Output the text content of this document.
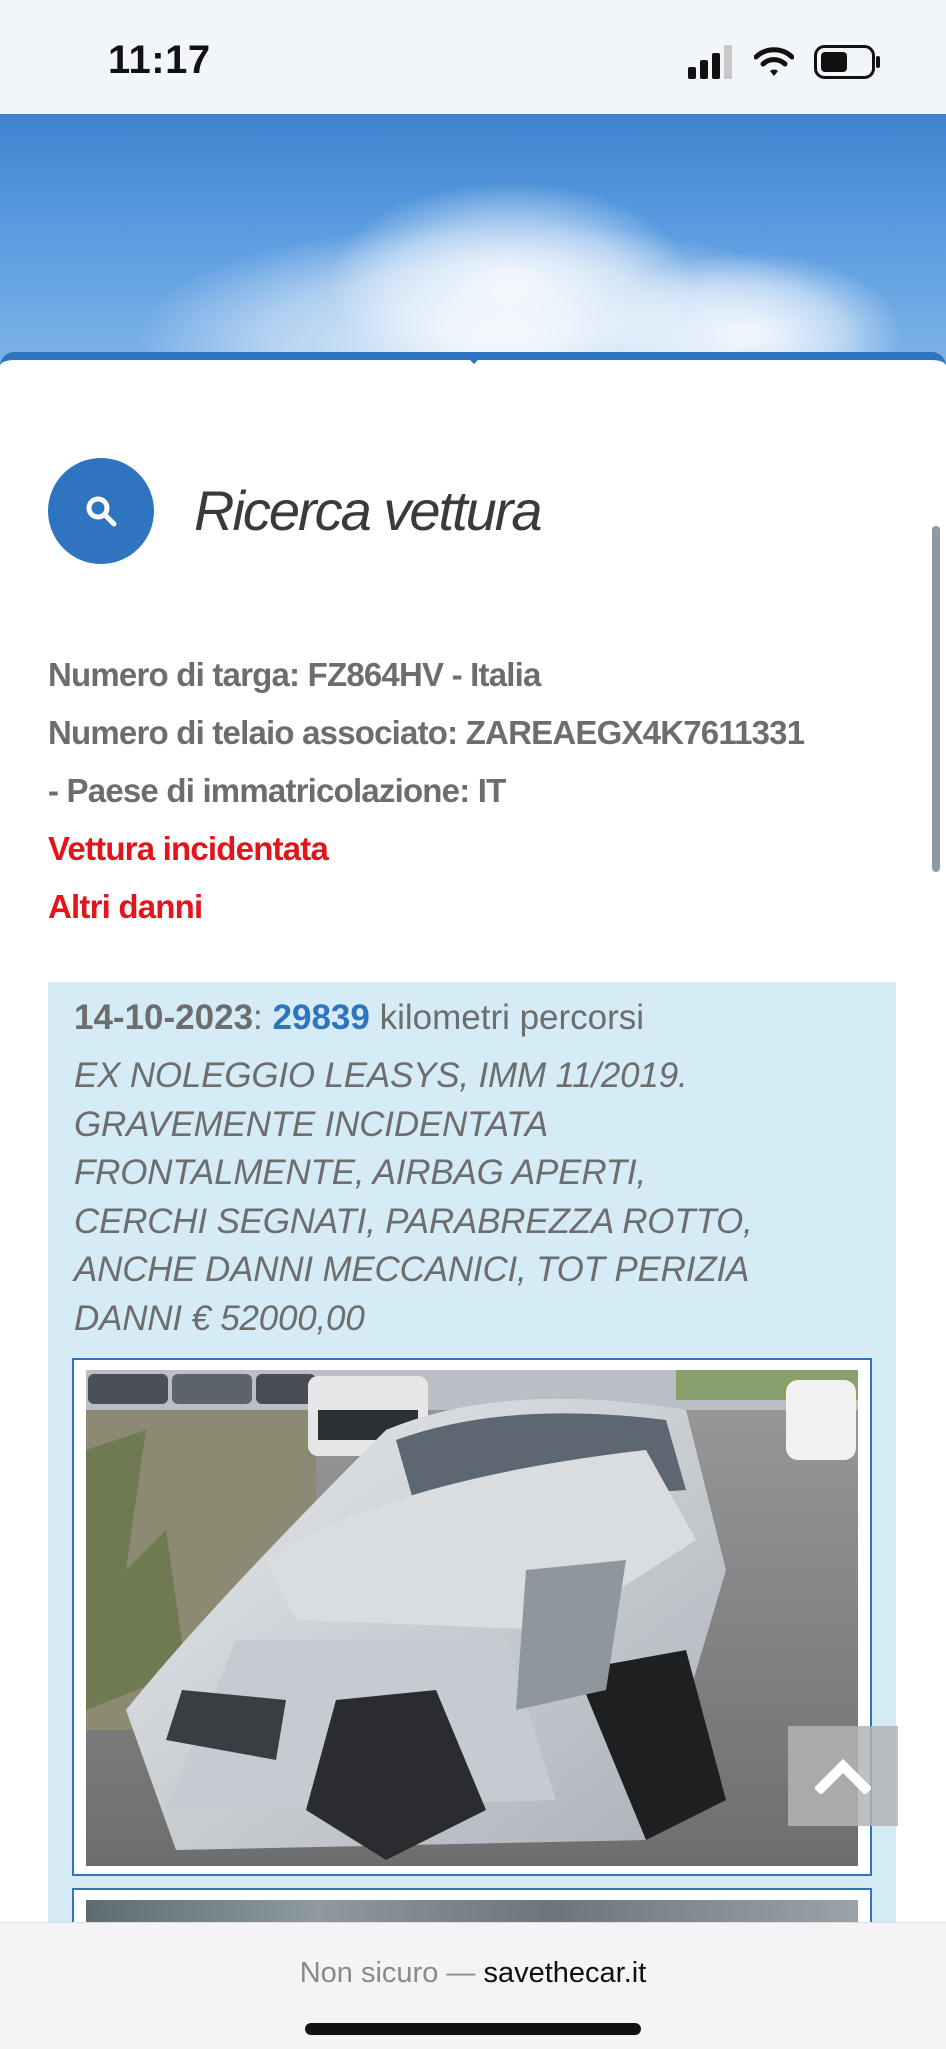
11:17
Ricerca vettura
Numero di targa: FZ864HV - Italia
Numero di telaio associato: ZAREAEGX4K7611331
- Paese di immatricolazione: IT
Vettura incidentata
Altri danni
14-10-2023: 29839 kilometri percorsi
EX NOLEGGIO LEASYS, IMM 11/2019.
GRAVEMENTE INCIDENTATA
FRONTALMENTE, AIRBAG APERTI,
CERCHI SEGNATI, PARABREZZA ROTTO,
ANCHE DANNI MECCANICI, TOT PERIZIA
DANNI € 52000,00
Non sicuro — savethecar.it
